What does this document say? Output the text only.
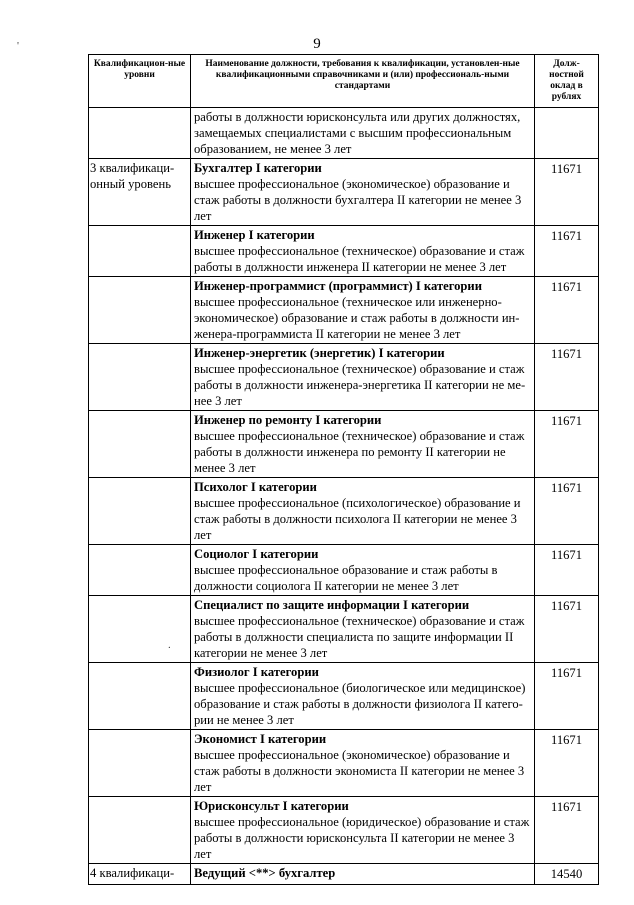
9
'
.
Квалификацион-ные уровни	Наименование должности, требования к квалификации, установлен-ные квалификационными справочниками и (или) профессиональ-ными стандартами	Долж-ностной оклад в рублях

	работы в должности юрисконсульта или других должностях, замещаемых специалистами с высшим профессиональным образованием, не менее 3 лет	

3 квалификаци-онный уровень	Бухгалтер I категории
высшее профессиональное (экономическое) образование и стаж работы в должности бухгалтера II категории не менее 3 лет	11671

	Инженер I категории
высшее профессиональное (техническое) образование и стаж работы в должности инженера II категории не менее 3 лет	11671

	Инженер-программист (программист) I категории
высшее профессиональное (техническое или инженерно-экономическое) образование и стаж работы в должности ин-женера-программиста II категории не менее 3 лет	11671

	Инженер-энергетик (энергетик) I категории
высшее профессиональное (техническое) образование и стаж работы в должности инженера-энергетика II категории не ме-нее 3 лет	11671

	Инженер по ремонту I категории
высшее профессиональное (техническое) образование и стаж работы в должности инженера по ремонту II категории не менее 3 лет	11671

	Психолог I категории
высшее профессиональное (психологическое) образование и стаж работы в должности психолога II категории не менее 3 лет	11671

	Социолог I категории
высшее профессиональное образование и стаж работы в должности социолога II категории не менее 3 лет	11671

	Специалист по защите информации I категории
высшее профессиональное (техническое) образование и стаж работы в должности специалиста по защите информации II категории не менее 3 лет	11671

	Физиолог I категории
высшее профессиональное (биологическое или медицинское) образование и стаж работы в должности физиолога II катего-рии не менее 3 лет	11671

	Экономист I категории
высшее профессиональное (экономическое) образование и стаж работы в должности экономиста II категории не менее 3 лет	11671

	Юрисконсульт I категории
высшее профессиональное (юридическое) образование и стаж работы в должности юрисконсульта II категории не менее 3 лет	11671
4 квалификаци-	Ведущий <**> бухгалтер	14540
